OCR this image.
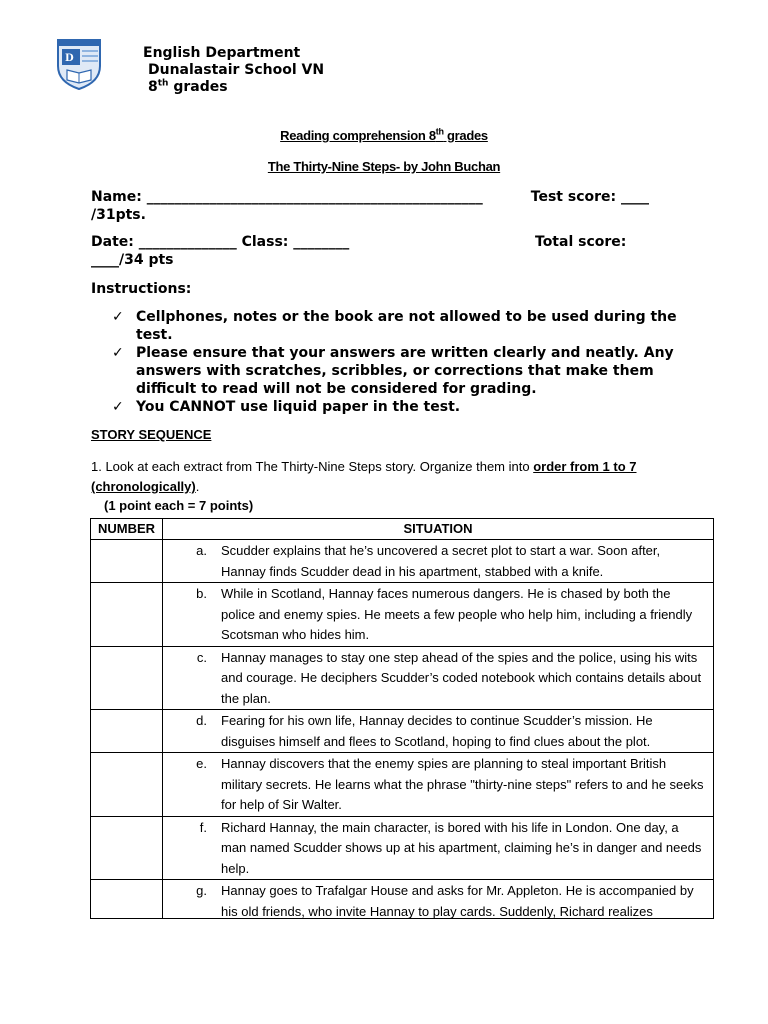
D	English Department
Dunalastair School VN
8th grades
Reading comprehension 8th grades
The Thirty-Nine Steps- by John Buchan
Name: ________________________________________________	Test score: ____
/31pts.
Date: ______________ Class: ________	Total score:
____/34 pts
Instructions:
✓ Cellphones, notes or the book are not allowed to be used during the test.
✓ Please ensure that your answers are written clearly and neatly. Any answers with scratches, scribbles, or corrections that make them difficult to read will not be considered for grading.
✓ You CANNOT use liquid paper in the test.
STORY SEQUENCE
1. Look at each extract from The Thirty-Nine Steps story. Organize them into order from 1 to 7 (chronologically).
(1 point each = 7 points)
NUMBER	SITUATION

	a. Scudder explains that he’s uncovered a secret plot to start a war. Soon after, Hannay finds Scudder dead in his apartment, stabbed with a knife.

	b. While in Scotland, Hannay faces numerous dangers. He is chased by both the police and enemy spies. He meets a few people who help him, including a friendly Scotsman who hides him.

	c. Hannay manages to stay one step ahead of the spies and the police, using his wits and courage. He deciphers Scudder’s coded notebook which contains details about the plan.

	d. Fearing for his own life, Hannay decides to continue Scudder’s mission. He disguises himself and flees to Scotland, hoping to find clues about the plot.

	e. Hannay discovers that the enemy spies are planning to steal important British military secrets. He learns what the phrase "thirty-nine steps" refers to and he seeks for help of Sir Walter.

	f. Richard Hannay, the main character, is bored with his life in London. One day, a man named Scudder shows up at his apartment, claiming he’s in danger and needs help.

	g. Hannay goes to Trafalgar House and asks for Mr. Appleton. He is accompanied by his old friends, who invite Hannay to play cards. Suddenly, Richard realizes
